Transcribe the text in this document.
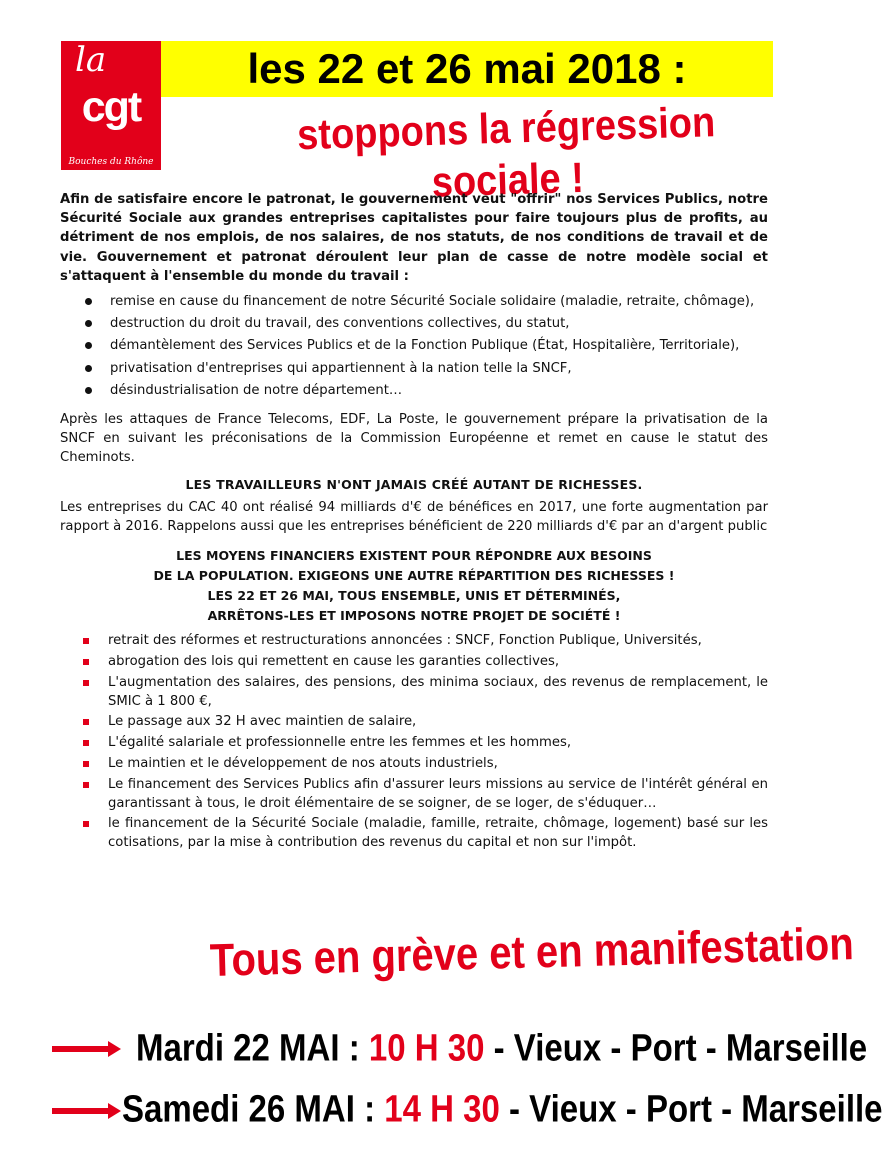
la
cgt
Bouches du Rhône
les 22 et 26 mai 2018 :
stoppons la régression sociale !

Afin de satisfaire encore le patronat, le gouvernement veut "offrir" nos Services Publics, notre Sécurité Sociale aux grandes entreprises capitalistes pour faire toujours plus de profits, au détriment de nos emplois, de nos salaires, de nos statuts, de nos conditions de travail et de vie. Gouvernement et patronat déroulent leur plan de casse de notre modèle social et s'attaquent à l'ensemble du monde du travail :

remise en cause du financement de notre Sécurité Sociale solidaire (maladie, retraite, chômage),
destruction du droit du travail, des conventions collectives, du statut,
démantèlement des Services Publics et de la Fonction Publique (État, Hospitalière, Territoriale),
privatisation d'entreprises qui appartiennent à la nation telle la SNCF,
désindustrialisation de notre département…

Après les attaques de France Telecoms, EDF, La Poste, le gouvernement prépare la privatisation de la SNCF en suivant les préconisations de la Commission Européenne et remet en cause le statut des Cheminots.

LES TRAVAILLEURS N'ONT JAMAIS CRÉÉ AUTANT DE RICHESSES.

Les entreprises du CAC 40 ont réalisé 94 milliards d'€ de bénéfices en 2017, une forte augmentation par rapport à 2016. Rappelons aussi que les entreprises bénéficient de 220 milliards d'€ par an d'argent public

LES MOYENS FINANCIERS EXISTENT POUR RÉPONDRE AUX BESOINS
DE LA POPULATION. EXIGEONS UNE AUTRE RÉPARTITION DES RICHESSES !
LES 22 ET 26 MAI, TOUS ENSEMBLE, UNIS ET DÉTERMINÉS,
ARRÊTONS-LES ET IMPOSONS NOTRE PROJET DE SOCIÉTÉ !
retrait des réformes et restructurations annoncées : SNCF, Fonction Publique, Universités,
abrogation des lois qui remettent en cause les garanties collectives,
L'augmentation des salaires, des pensions, des minima sociaux, des revenus de remplacement, le SMIC à 1 800 €,
Le passage aux 32 H avec maintien de salaire,
L'égalité salariale et professionnelle entre les femmes et les hommes,
Le maintien et le développement de nos atouts industriels,
Le financement des Services Publics afin d'assurer leurs missions au service de l'intérêt général en garantissant à tous, le droit élémentaire de se soigner, de se loger, de s'éduquer…
le financement de la Sécurité Sociale (maladie, famille, retraite, chômage, logement) basé sur les cotisations, par la mise à contribution des revenus du capital et non sur l'impôt.
Tous en grève et en manifestation
Mardi 22 MAI : 10 H 30 - Vieux - Port - Marseille
Samedi 26 MAI : 14 H 30 - Vieux - Port - Marseille
